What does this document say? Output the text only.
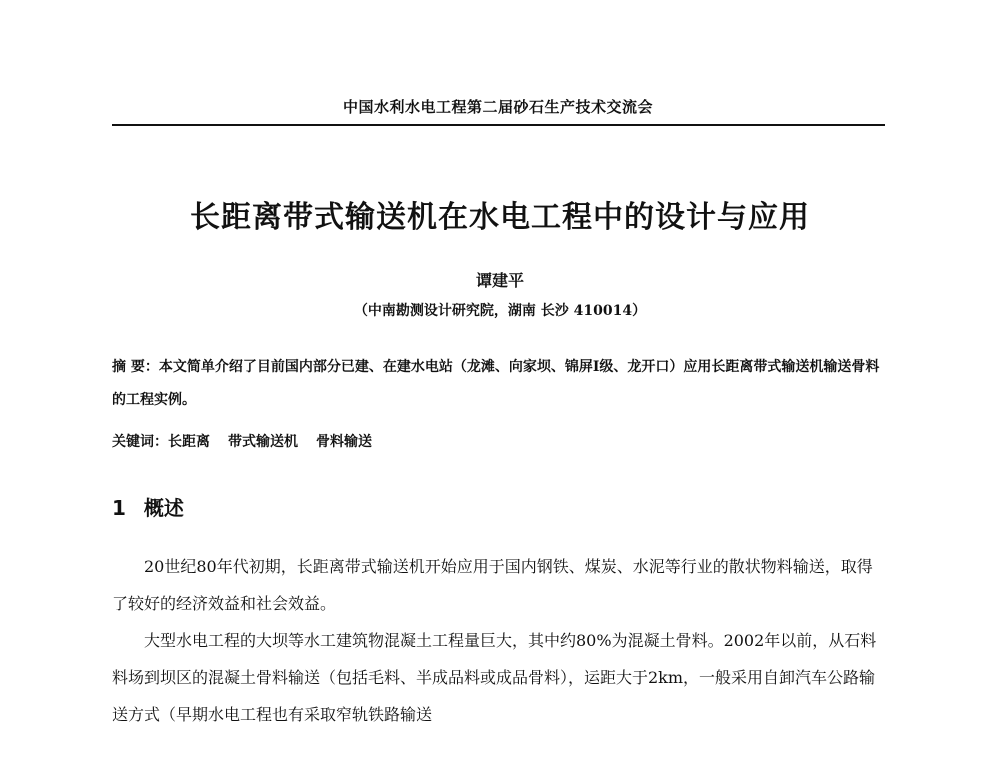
中国水利水电工程第二届砂石生产技术交流会
长距离带式输送机在水电工程中的设计与应用
谭建平
（中南勘测设计研究院，湖南 长沙 410014）
摘 要：本文简单介绍了目前国内部分已建、在建水电站（龙滩、向家坝、锦屏Ⅰ级、龙开口）应用长距离带式输送机输送骨料的工程实例。
关键词：长距离 带式输送机 骨料输送
1 概述

20世纪80年代初期，长距离带式输送机开始应用于国内钢铁、煤炭、水泥等行业的散状物料输送，取得了较好的经济效益和社会效益。

大型水电工程的大坝等水工建筑物混凝土工程量巨大，其中约80%为混凝土骨料。2002年以前，从石料料场到坝区的混凝土骨料输送（包括毛料、半成品料或成品骨料），运距大于2km，一般采用自卸汽车公路输送方式（早期水电工程也有采取窄轨铁路输送
